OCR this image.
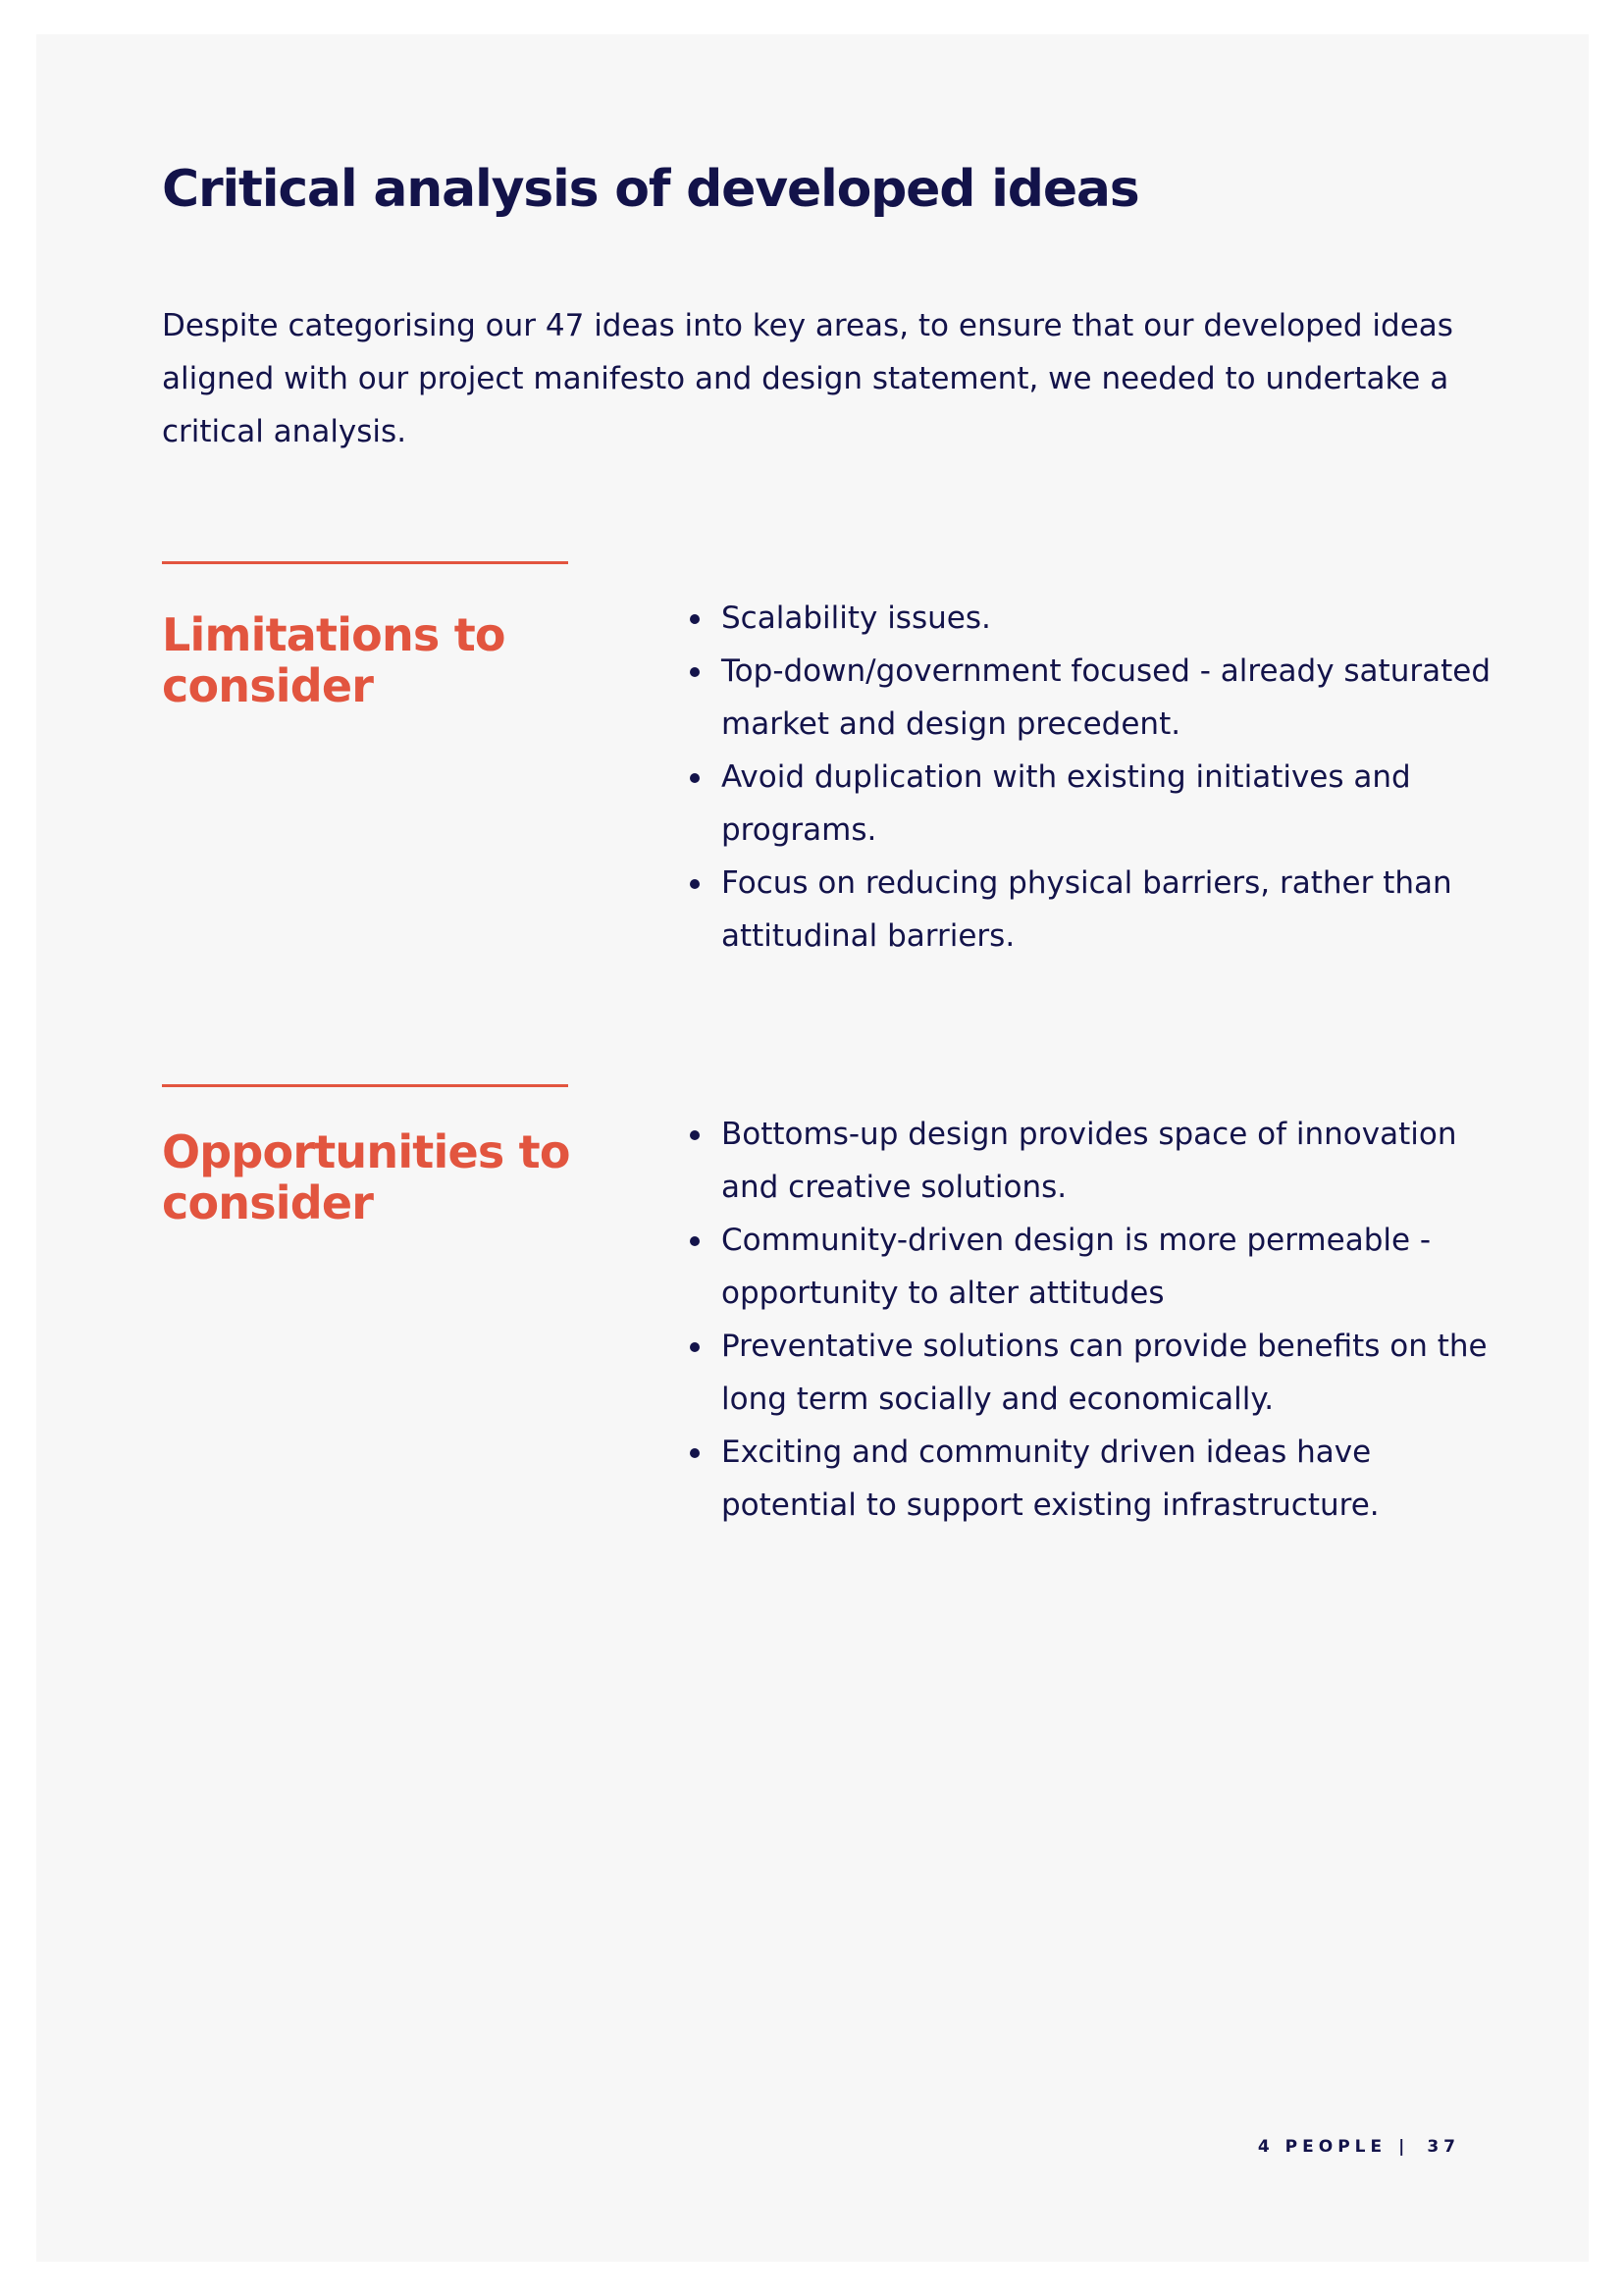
Critical analysis of developed ideas

Despite categorising our 47 ideas into key areas, to ensure that our developed ideas aligned with our project manifesto and design statement, we needed to undertake a critical analysis.

Limitations to consider
Scalability issues.
Top-down/government focused - already saturated market and design precedent.
Avoid duplication with existing initiatives and programs.
Focus on reducing physical barriers, rather than attitudinal barriers.
Opportunities to consider
Bottoms-up design provides space of innovation and creative solutions.
Community-driven design is more permeable - opportunity to alter attitudes
Preventative solutions can provide benefits on the long term socially and economically.
Exciting and community driven ideas have potential to support existing infrastructure.
4 PEOPLE | 37
